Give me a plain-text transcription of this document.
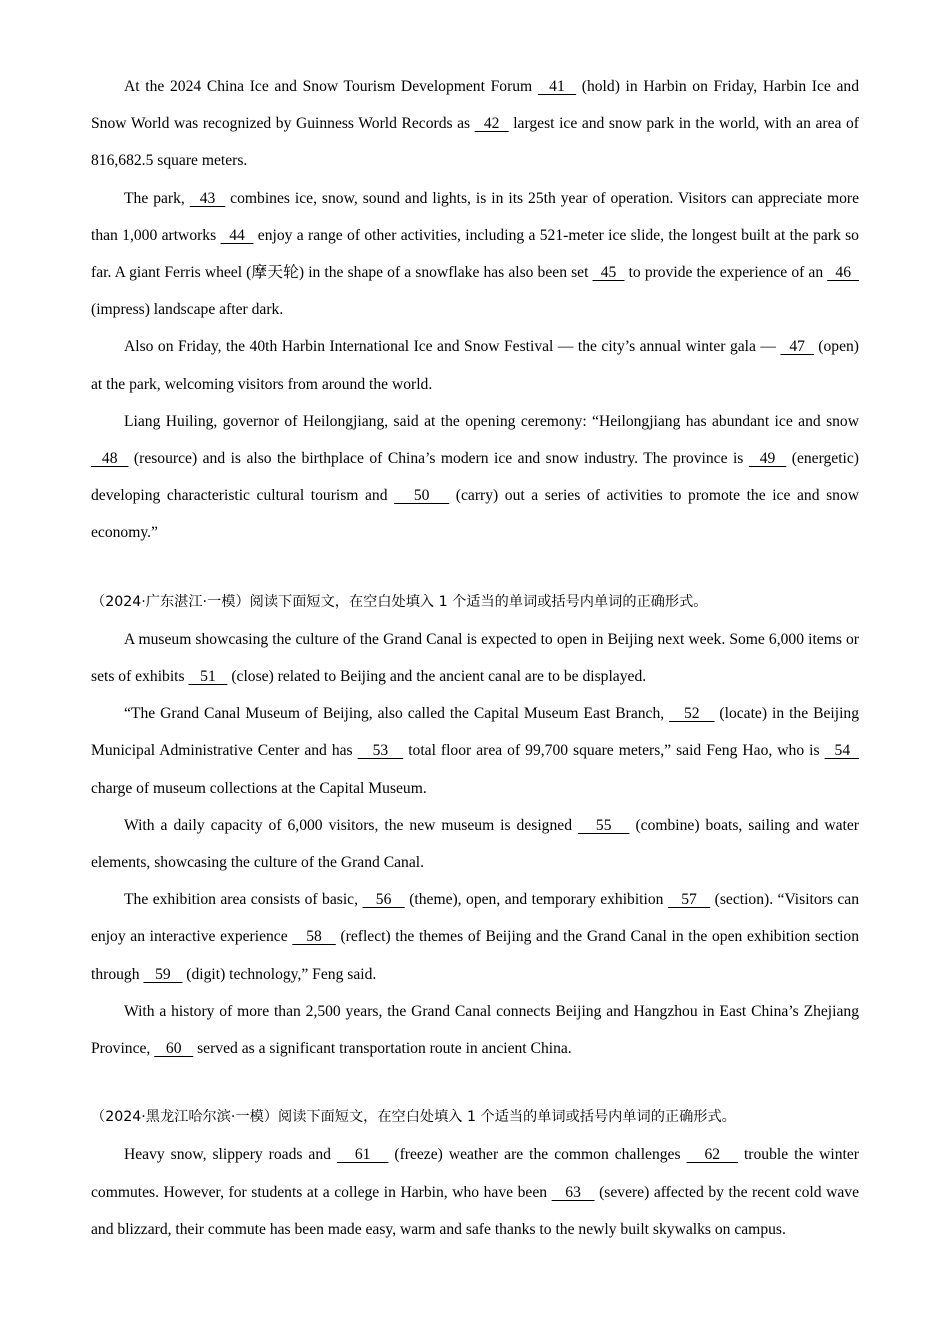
At the 2024 China Ice and Snow Tourism Development Forum   41   (hold) in Harbin on Friday, Harbin Ice and Snow World was recognized by Guinness World Records as   42   largest ice and snow park in the world, with an area of 816,682.5 square meters.

The park,   43   combines ice, snow, sound and lights, is in its 25th year of operation. Visitors can appreciate more than 1,000 artworks   44   enjoy a range of other activities, including a 521-meter ice slide, the longest built at the park so far. A giant Ferris wheel (摩天轮) in the shape of a snowflake has also been set   45   to provide the experience of an   46   (impress) landscape after dark.

Also on Friday, the 40th Harbin International Ice and Snow Festival — the city’s annual winter gala —   47   (open) at the park, welcoming visitors from around the world.

Liang Huiling, governor of Heilongjiang, said at the opening ceremony: “Heilongjiang has abundant ice and snow   48   (resource) and is also the birthplace of China’s modern ice and snow industry. The province is   49   (energetic) developing characteristic cultural tourism and    50    (carry) out a series of activities to promote the ice and snow economy.”

（2024·广东湛江·一模）阅读下面短文，在空白处填入 1 个适当的单词或括号内单词的正确形式。

A museum showcasing the culture of the Grand Canal is expected to open in Beijing next week. Some 6,000 items or sets of exhibits    51    (close) related to Beijing and the ancient canal are to be displayed.

“The Grand Canal Museum of Beijing, also called the Capital Museum East Branch,    52    (locate) in the Beijing Municipal Administrative Center and has    53    total floor area of 99,700 square meters,” said Feng Hao, who is   54   charge of museum collections at the Capital Museum.

With a daily capacity of 6,000 visitors, the new museum is designed    55    (combine) boats, sailing and water elements, showcasing the culture of the Grand Canal.

The exhibition area consists of basic,    56    (theme), open, and temporary exhibition    57    (section). “Visitors can enjoy an interactive experience    58    (reflect) the themes of Beijing and the Grand Canal in the open exhibition section through    59    (digit) technology,” Feng said.

With a history of more than 2,500 years, the Grand Canal connects Beijing and Hangzhou in East China’s Zhejiang Province,    60    served as a significant transportation route in ancient China.

（2024·黑龙江哈尔滨·一模）阅读下面短文，在空白处填入 1 个适当的单词或括号内单词的正确形式。

Heavy snow, slippery roads and    61    (freeze) weather are the common challenges    62    trouble the winter commutes. However, for students at a college in Harbin, who have been    63    (severe) affected by the recent cold wave and blizzard, their commute has been made easy, warm and safe thanks to the newly built skywalks on campus.
